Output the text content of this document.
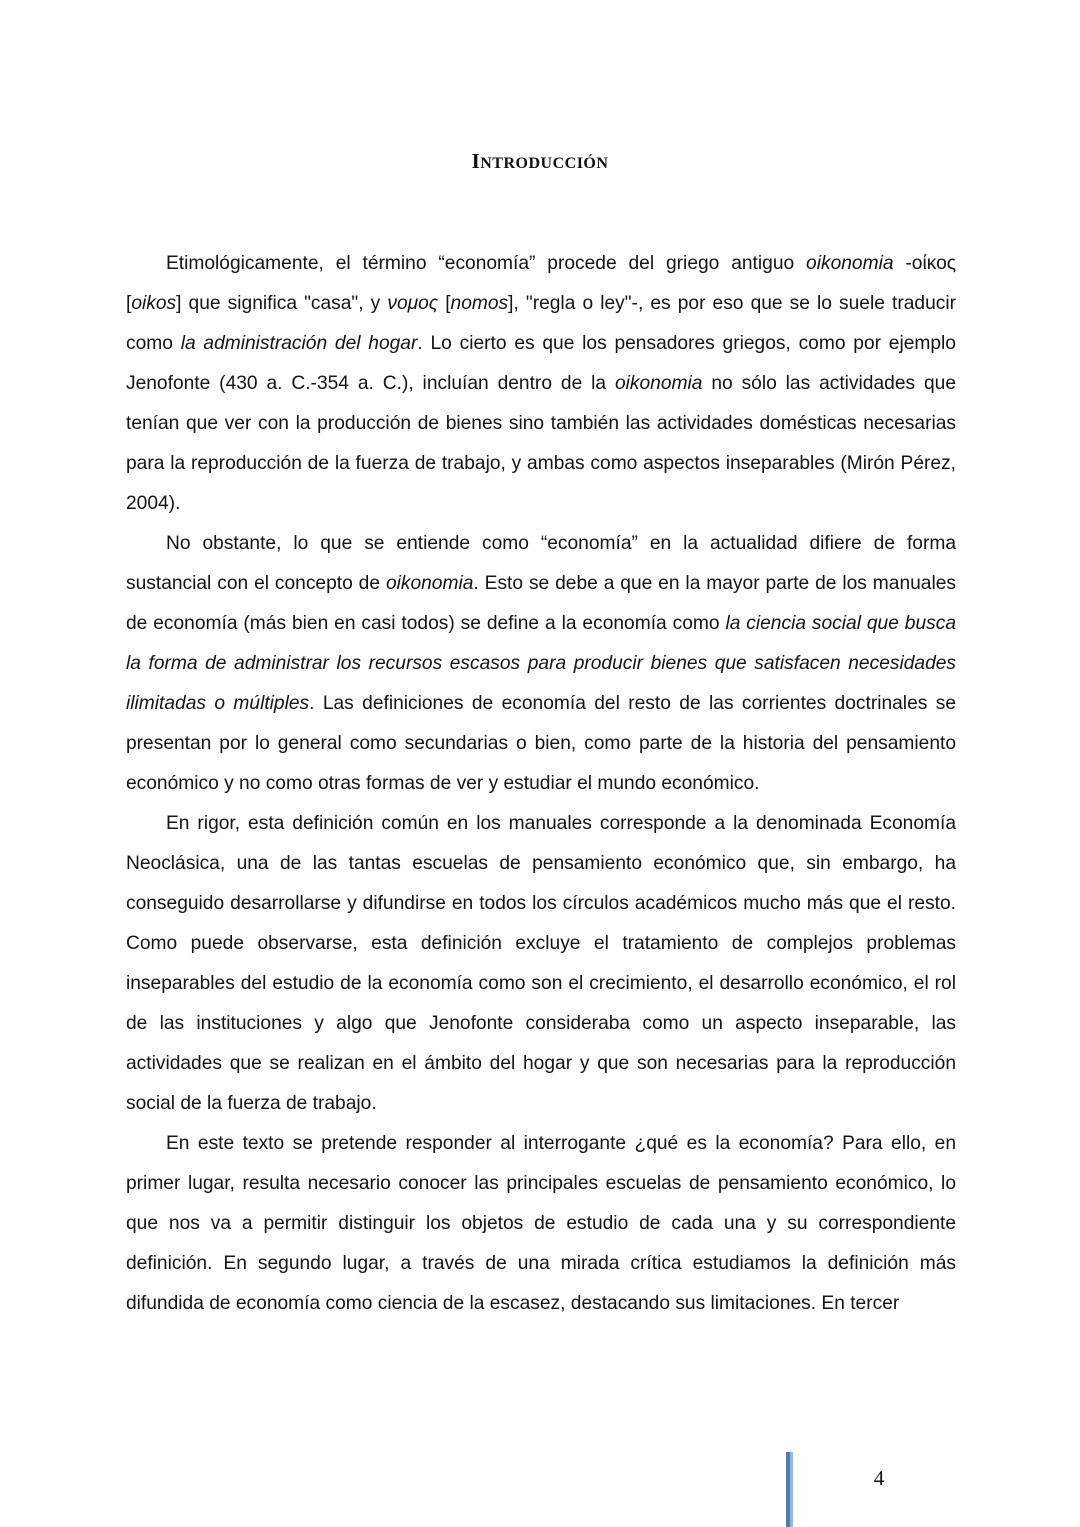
introducción

Etimológicamente, el término “economía” procede del griego antiguo oikonomia -οίκος [oikos] que significa "casa", y νομος [nomos], "regla o ley"-, es por eso que se lo suele traducir como la administración del hogar. Lo cierto es que los pensadores griegos, como por ejemplo Jenofonte (430 a. C.-354 a. C.), incluían dentro de la oikonomia no sólo las actividades que tenían que ver con la producción de bienes sino también las actividades domésticas necesarias para la reproducción de la fuerza de trabajo, y ambas como aspectos inseparables (Mirón Pérez, 2004).

No obstante, lo que se entiende como “economía” en la actualidad difiere de forma sustancial con el concepto de oikonomia. Esto se debe a que en la mayor parte de los manuales de economía (más bien en casi todos) se define a la economía como la ciencia social que busca la forma de administrar los recursos escasos para producir bienes que satisfacen necesidades ilimitadas o múltiples. Las definiciones de economía del resto de las corrientes doctrinales se presentan por lo general como secundarias o bien, como parte de la historia del pensamiento económico y no como otras formas de ver y estudiar el mundo económico.

En rigor, esta definición común en los manuales corresponde a la denominada Economía Neoclásica, una de las tantas escuelas de pensamiento económico que, sin embargo, ha conseguido desarrollarse y difundirse en todos los círculos académicos mucho más que el resto. Como puede observarse, esta definición excluye el tratamiento de complejos problemas inseparables del estudio de la economía como son el crecimiento, el desarrollo económico, el rol de las instituciones y algo que Jenofonte consideraba como un aspecto inseparable, las actividades que se realizan en el ámbito del hogar y que son necesarias para la reproducción social de la fuerza de trabajo.

En este texto se pretende responder al interrogante ¿qué es la economía? Para ello, en primer lugar, resulta necesario conocer las principales escuelas de pensamiento económico, lo que nos va a permitir distinguir los objetos de estudio de cada una y su correspondiente definición. En segundo lugar, a través de una mirada crítica estudiamos la definición más difundida de economía como ciencia de la escasez, destacando sus limitaciones. En tercer

4
